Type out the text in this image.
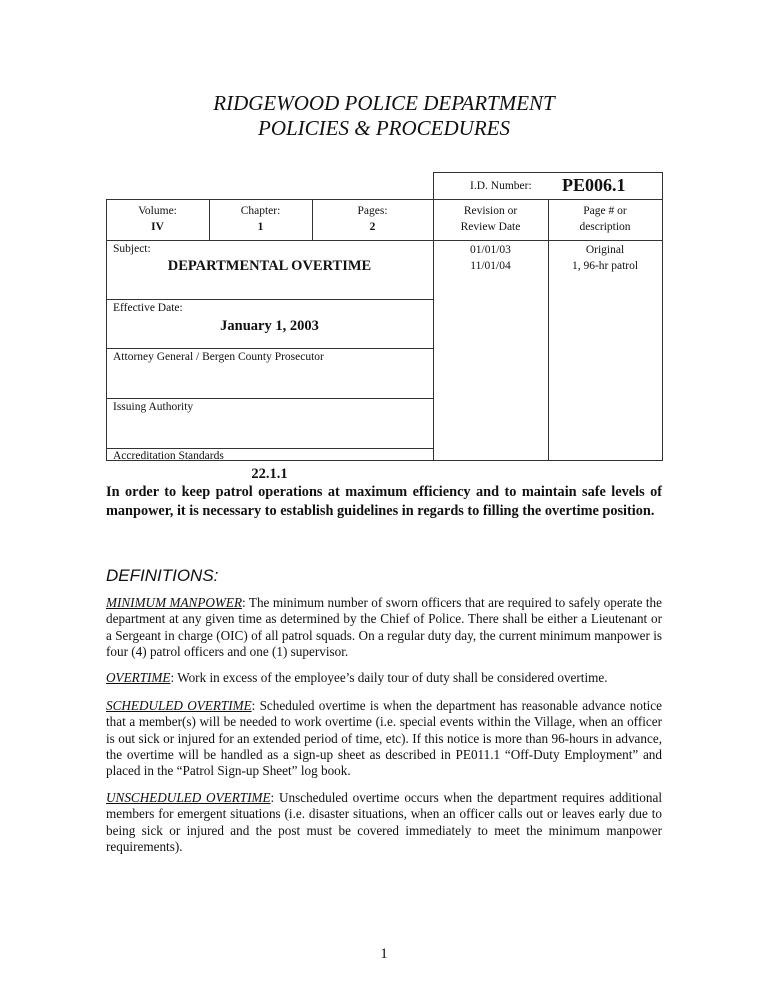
RIDGEWOOD POLICE DEPARTMENT
POLICIES & PROCEDURES
I.D. Number: PE006.1
Volume:
IV
Chapter:
1
Pages:
2
Revision or
Review Date
Page # or
description
01/01/03
11/01/04
Original
1, 96-hr patrol
Subject:
DEPARTMENTAL OVERTIME
Effective Date:
January 1, 2003
Attorney General / Bergen County Prosecutor
Issuing Authority
Accreditation Standards
22.1.1
In order to keep patrol operations at maximum efficiency and to maintain safe levels of manpower, it is necessary to establish guidelines in regards to filling the overtime position.
DEFINITIONS:
MINIMUM MANPOWER: The minimum number of sworn officers that are required to safely operate the department at any given time as determined by the Chief of Police. There shall be either a Lieutenant or a Sergeant in charge (OIC) of all patrol squads. On a regular duty day, the current minimum manpower is four (4) patrol officers and one (1) supervisor.
OVERTIME: Work in excess of the employee’s daily tour of duty shall be considered overtime.
SCHEDULED OVERTIME: Scheduled overtime is when the department has reasonable advance notice that a member(s) will be needed to work overtime (i.e. special events within the Village, when an officer is out sick or injured for an extended period of time, etc). If this notice is more than 96-hours in advance, the overtime will be handled as a sign-up sheet as described in PE011.1 “Off-Duty Employment” and placed in the “Patrol Sign-up Sheet” log book.
UNSCHEDULED OVERTIME: Unscheduled overtime occurs when the department requires additional members for emergent situations (i.e. disaster situations, when an officer calls out or leaves early due to being sick or injured and the post must be covered immediately to meet the minimum manpower requirements).
1
